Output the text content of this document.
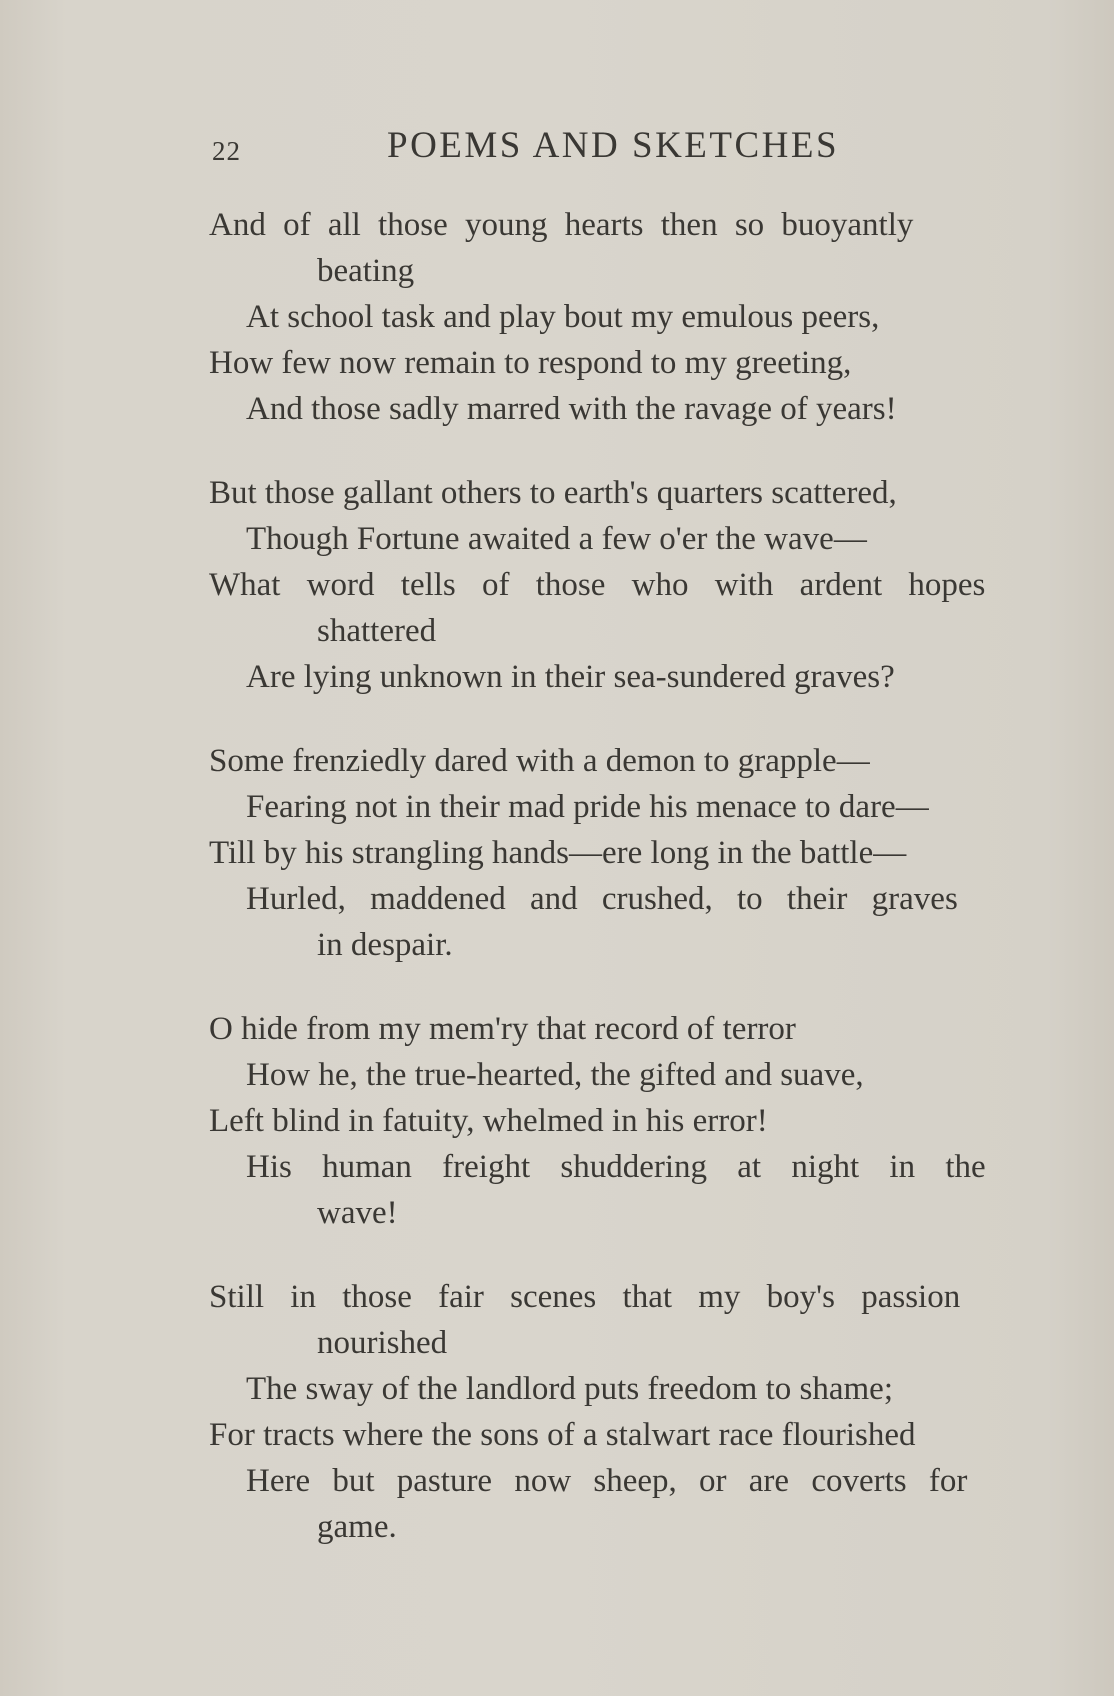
22	POEMS AND SKETCHES
And of all those young hearts then so buoyantly
beating
At school task and play bout my emulous peers,
How few now remain to respond to my greeting,
And those sadly marred with the ravage of years!
But those gallant others to earth's quarters scattered,
Though Fortune awaited a few o'er the wave—
What word tells of those who with ardent hopes
shattered
Are lying unknown in their sea-sundered graves?
Some frenziedly dared with a demon to grapple—
Fearing not in their mad pride his menace to dare—
Till by his strangling hands—ere long in the battle—
Hurled, maddened and crushed, to their graves
in despair.
O hide from my mem'ry that record of terror
How he, the true-hearted, the gifted and suave,
Left blind in fatuity, whelmed in his error!
His human freight shuddering at night in the
wave!
Still in those fair scenes that my boy's passion
nourished
The sway of the landlord puts freedom to shame;
For tracts where the sons of a stalwart race flourished
Here but pasture now sheep, or are coverts for
game.
